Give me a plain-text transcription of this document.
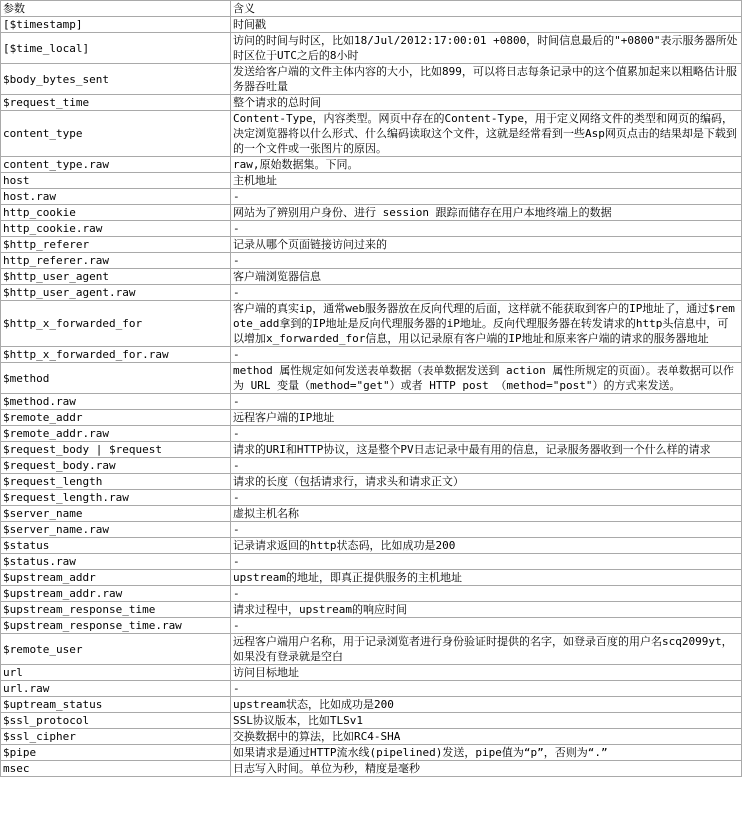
参数	含义
[$timestamp]	时间戳
[$time_local]	访问的时间与时区，比如18/Jul/2012:17:00:01 +0800，时间信息最后的"+0800"表示服务器所处时区位于UTC之后的8小时
$body_bytes_sent	发送给客户端的文件主体内容的大小，比如899，可以将日志每条记录中的这个值累加起来以粗略估计服务器吞吐量
$request_time	整个请求的总时间
content_type	Content-Type，内容类型。网页中存在的Content-Type，用于定义网络文件的类型和网页的编码，决定浏览器将以什么形式、什么编码读取这个文件，这就是经常看到一些Asp网页点击的结果却是下载到的一个文件或一张图片的原因。
content_type.raw	raw,原始数据集。下同。
host	主机地址
host.raw	-
http_cookie	网站为了辨别用户身份、进行 session 跟踪而储存在用户本地终端上的数据
http_cookie.raw	-
$http_referer	记录从哪个页面链接访问过来的
http_referer.raw	-
$http_user_agent	客户端浏览器信息
$http_user_agent.raw	-
$http_x_forwarded_for	客户端的真实ip，通常web服务器放在反向代理的后面，这样就不能获取到客户的IP地址了，通过$remote_add拿到的IP地址是反向代理服务器的iP地址。反向代理服务器在转发请求的http头信息中，可以增加x_forwarded_for信息，用以记录原有客户端的IP地址和原来客户端的请求的服务器地址
$http_x_forwarded_for.raw	-
$method	method 属性规定如何发送表单数据（表单数据发送到 action 属性所规定的页面）。表单数据可以作为 URL 变量（method="get"）或者 HTTP post （method="post"）的方式来发送。
$method.raw	-
$remote_addr	远程客户端的IP地址
$remote_addr.raw	-
$request_body | $request	请求的URI和HTTP协议，这是整个PV日志记录中最有用的信息，记录服务器收到一个什么样的请求
$request_body.raw	-
$request_length	请求的长度（包括请求行，请求头和请求正文）
$request_length.raw	-
$server_name	虚拟主机名称
$server_name.raw	-
$status	记录请求返回的http状态码，比如成功是200
$status.raw	-
$upstream_addr	upstream的地址，即真正提供服务的主机地址
$upstream_addr.raw	-
$upstream_response_time	请求过程中，upstream的响应时间
$upstream_response_time.raw	-
$remote_user	远程客户端用户名称，用于记录浏览者进行身份验证时提供的名字，如登录百度的用户名scq2099yt，如果没有登录就是空白
url	访问目标地址
url.raw	-
$uptream_status	upstream状态，比如成功是200
$ssl_protocol	SSL协议版本，比如TLSv1
$ssl_cipher	交换数据中的算法，比如RC4-SHA
$pipe	如果请求是通过HTTP流水线(pipelined)发送，pipe值为“p”，否则为“.”
msec	日志写入时间。单位为秒，精度是毫秒
